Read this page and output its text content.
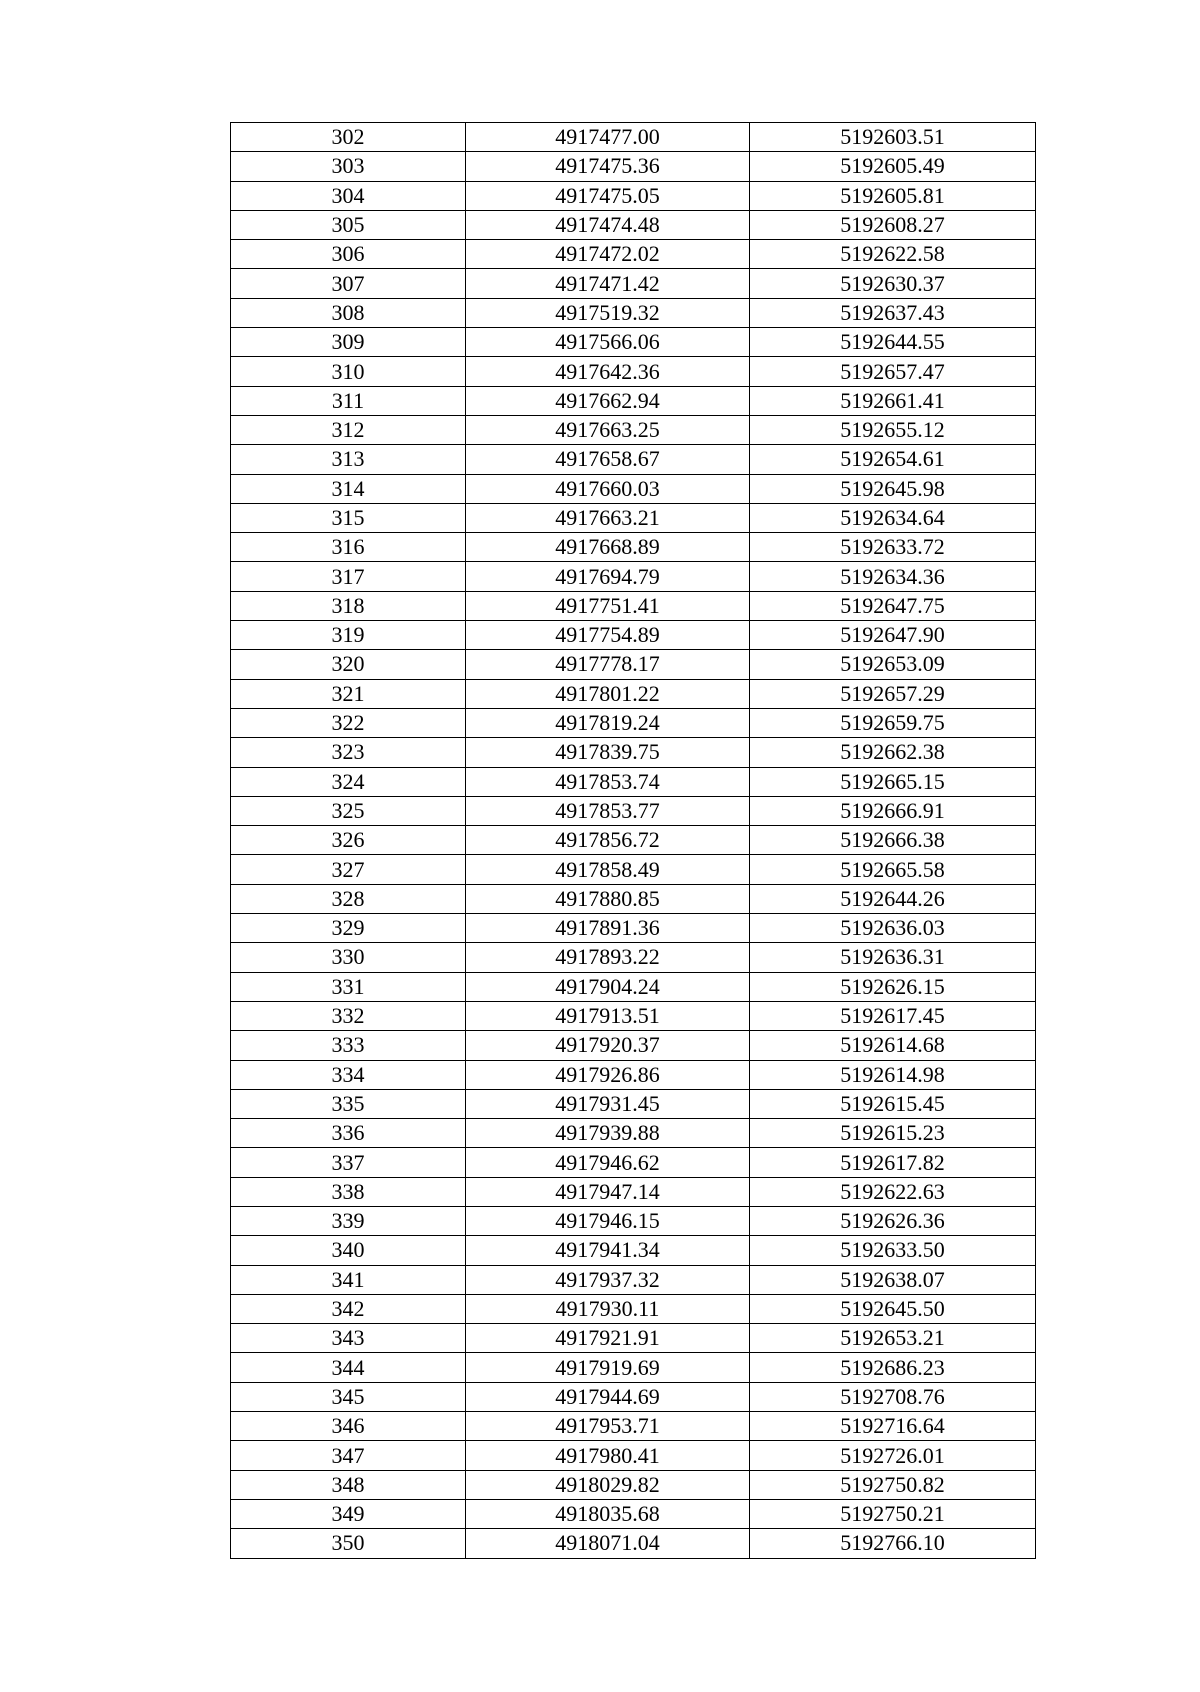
302	4917477.00	5192603.51
303	4917475.36	5192605.49
304	4917475.05	5192605.81
305	4917474.48	5192608.27
306	4917472.02	5192622.58
307	4917471.42	5192630.37
308	4917519.32	5192637.43
309	4917566.06	5192644.55
310	4917642.36	5192657.47
311	4917662.94	5192661.41
312	4917663.25	5192655.12
313	4917658.67	5192654.61
314	4917660.03	5192645.98
315	4917663.21	5192634.64
316	4917668.89	5192633.72
317	4917694.79	5192634.36
318	4917751.41	5192647.75
319	4917754.89	5192647.90
320	4917778.17	5192653.09
321	4917801.22	5192657.29
322	4917819.24	5192659.75
323	4917839.75	5192662.38
324	4917853.74	5192665.15
325	4917853.77	5192666.91
326	4917856.72	5192666.38
327	4917858.49	5192665.58
328	4917880.85	5192644.26
329	4917891.36	5192636.03
330	4917893.22	5192636.31
331	4917904.24	5192626.15
332	4917913.51	5192617.45
333	4917920.37	5192614.68
334	4917926.86	5192614.98
335	4917931.45	5192615.45
336	4917939.88	5192615.23
337	4917946.62	5192617.82
338	4917947.14	5192622.63
339	4917946.15	5192626.36
340	4917941.34	5192633.50
341	4917937.32	5192638.07
342	4917930.11	5192645.50
343	4917921.91	5192653.21
344	4917919.69	5192686.23
345	4917944.69	5192708.76
346	4917953.71	5192716.64
347	4917980.41	5192726.01
348	4918029.82	5192750.82
349	4918035.68	5192750.21
350	4918071.04	5192766.10
